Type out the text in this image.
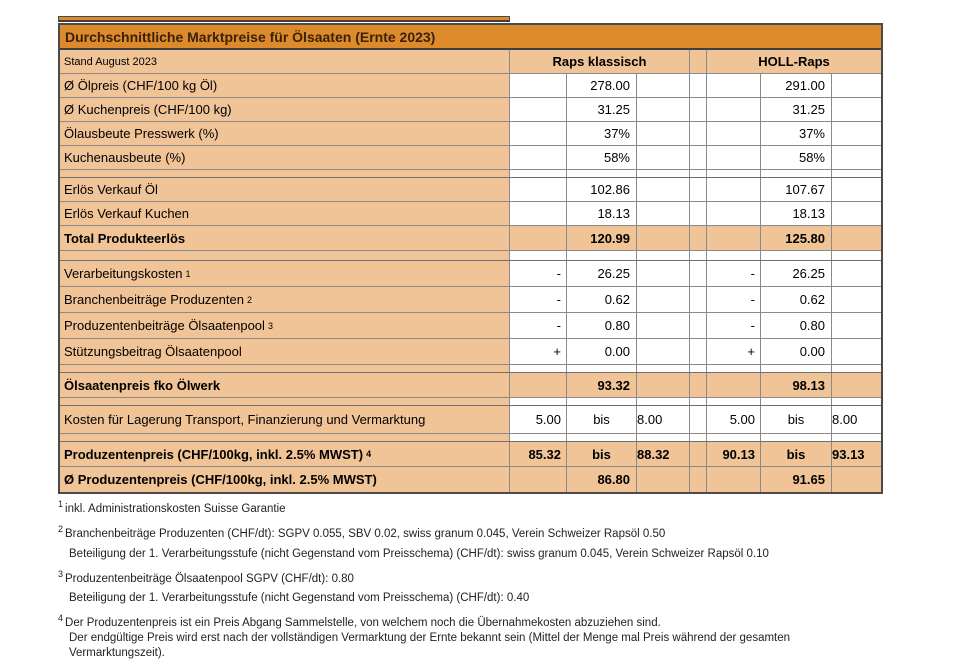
Durchschnittliche Marktpreise für Ölsaaten (Ernte 2023)
Stand August 2023	Raps klassisch	HOLL-Raps
Ø Ölpreis (CHF/100 kg Öl)	278.00	291.00
Ø Kuchenpreis (CHF/100 kg)	31.25	31.25
Ölausbeute Presswerk (%)	37%	37%
Kuchenausbeute (%)	58%	58%
Erlös Verkauf Öl	102.86	107.67
Erlös Verkauf Kuchen	18.13	18.13
Total Produkteerlös	120.99	125.80
Verarbeitungskosten 1	-	26.25	-	26.25
Branchenbeiträge Produzenten 2	-	0.62	-	0.62
Produzentenbeiträge Ölsaatenpool 3	-	0.80	-	0.80
Stützungsbeitrag Ölsaatenpool	+	0.00	+	0.00
Ölsaatenpreis fko Ölwerk	93.32	98.13
Kosten für Lagerung Transport, Finanzierung und Vermarktung	5.00	bis	8.00	5.00	bis	8.00
Produzentenpreis (CHF/100kg, inkl. 2.5% MWST) 4	85.32	bis	88.32	90.13	bis	93.13
Ø Produzentenpreis (CHF/100kg, inkl. 2.5% MWST)	86.80	91.65
$^1$ inkl. Administrationskosten Suisse Garantie
$^2$ Branchenbeiträge Produzenten (CHF/dt): SGPV 0.055, SBV 0.02, swiss granum 0.045, Verein Schweizer Rapsöl 0.50
Beteiligung der 1. Verarbeitungsstufe (nicht Gegenstand vom Preisschema) (CHF/dt): swiss granum 0.045, Verein Schweizer Rapsöl 0.10
$^3$ Produzentenbeiträge Ölsaatenpool SGPV (CHF/dt): 0.80
Beteiligung der 1. Verarbeitungsstufe (nicht Gegenstand vom Preisschema) (CHF/dt): 0.40
$^4$ Der Produzentenpreis ist ein Preis Abgang Sammelstelle, von welchem noch die Übernahmekosten abzuziehen sind.
Der endgültige Preis wird erst nach der vollständigen Vermarktung der Ernte bekannt sein (Mittel der Menge mal Preis während der gesamten
Vermarktungszeit).
